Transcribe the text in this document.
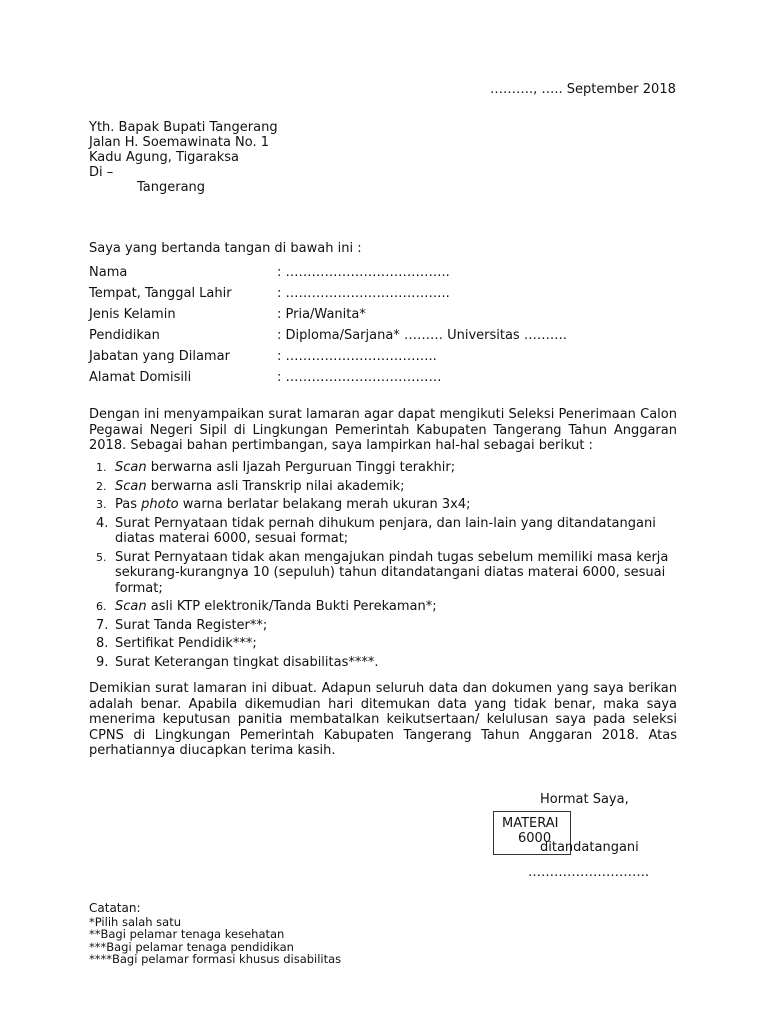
………., ….. September 2018
Yth. Bapak Bupati Tangerang
Jalan H. Soemawinata No. 1
Kadu Agung, Tigaraksa
Di –
Tangerang
Saya yang bertanda tangan di bawah ini :
Nama	: ………………………………..
Tempat, Tanggal Lahir	: ………………………………..
Jenis Kelamin	: Pria/Wanita*
Pendidikan	: Diploma/Sarjana* ……… Universitas ……….
Jabatan yang Dilamar	: ……………………………..
Alamat Domisili	: ………………………………
Dengan ini menyampaikan surat lamaran agar dapat mengikuti Seleksi Penerimaan Calon Pegawai Negeri Sipil di Lingkungan Pemerintah Kabupaten Tangerang Tahun Anggaran 2018. Sebagai bahan pertimbangan, saya lampirkan hal-hal sebagai berikut :
1. Scan berwarna asli Ijazah Perguruan Tinggi terakhir;
2. Scan berwarna asli Transkrip nilai akademik;
3. Pas photo warna berlatar belakang merah ukuran 3x4;
4. Surat Pernyataan tidak pernah dihukum penjara, dan lain-lain yang ditandatangani diatas materai 6000, sesuai format;
5. Surat Pernyataan tidak akan mengajukan pindah tugas sebelum memiliki masa kerja sekurang-kurangnya 10 (sepuluh) tahun ditandatangani diatas materai 6000, sesuai format;
6. Scan asli KTP elektronik/Tanda Bukti Perekaman*;
7. Surat Tanda Register**;
8. Sertifikat Pendidik***;
9. Surat Keterangan tingkat disabilitas****.
Demikian surat lamaran ini dibuat. Adapun seluruh data dan dokumen yang saya berikan adalah benar. Apabila dikemudian hari ditemukan data yang tidak benar, maka saya menerima keputusan panitia membatalkan keikutsertaan/ kelulusan saya pada seleksi CPNS di Lingkungan Pemerintah Kabupaten Tangerang Tahun Anggaran 2018. Atas perhatiannya diucapkan terima kasih.
Hormat Saya,
MATERAI
6000
ditandatangani
……………………….
Catatan:
*Pilih salah satu
**Bagi pelamar tenaga kesehatan
***Bagi pelamar tenaga pendidikan
****Bagi pelamar formasi khusus disabilitas
